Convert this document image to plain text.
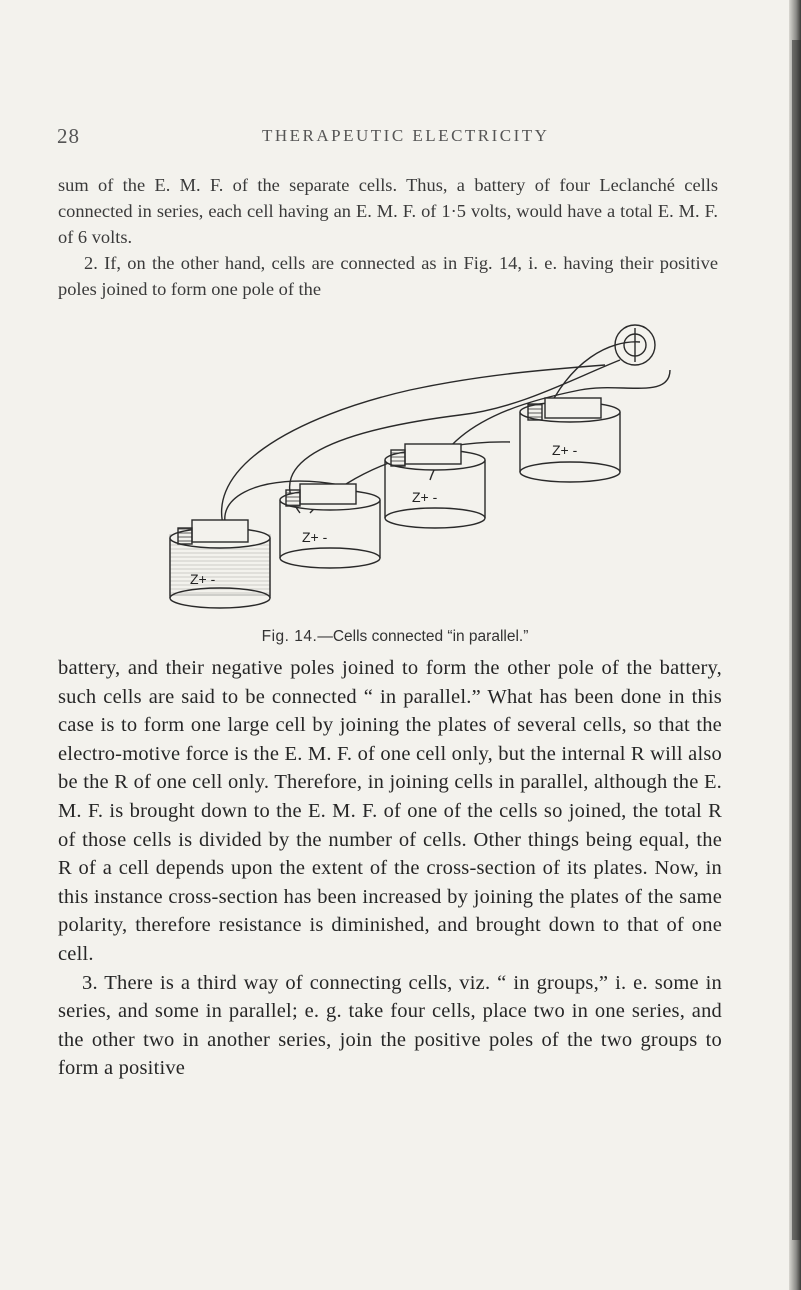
28	THERAPEUTIC ELECTRICITY

sum of the E. M. F. of the separate cells. Thus, a battery of four Leclanché cells connected in series, each cell having an E. M. F. of 1·5 volts, would have a total E. M. F. of 6 volts.

2. If, on the other hand, cells are connected as in Fig. 14, i. e. having their positive poles joined to form one pole of the

Z+ -
Z+ -
Z+ -
Z+ -
Fig. 14.—Cells connected “in parallel.”

battery, and their negative poles joined to form the other pole of the battery, such cells are said to be connected “ in parallel.” What has been done in this case is to form one large cell by joining the plates of several cells, so that the electro-motive force is the E. M. F. of one cell only, but the internal R will also be the R of one cell only. Therefore, in joining cells in parallel, although the E. M. F. is brought down to the E. M. F. of one of the cells so joined, the total R of those cells is divided by the number of cells. Other things being equal, the R of a cell depends upon the extent of the cross-section of its plates. Now, in this instance cross-section has been increased by joining the plates of the same polarity, therefore resistance is diminished, and brought down to that of one cell.

3. There is a third way of connecting cells, viz. “ in groups,” i. e. some in series, and some in parallel; e. g. take four cells, place two in one series, and the other two in another series, join the positive poles of the two groups to form a positive
